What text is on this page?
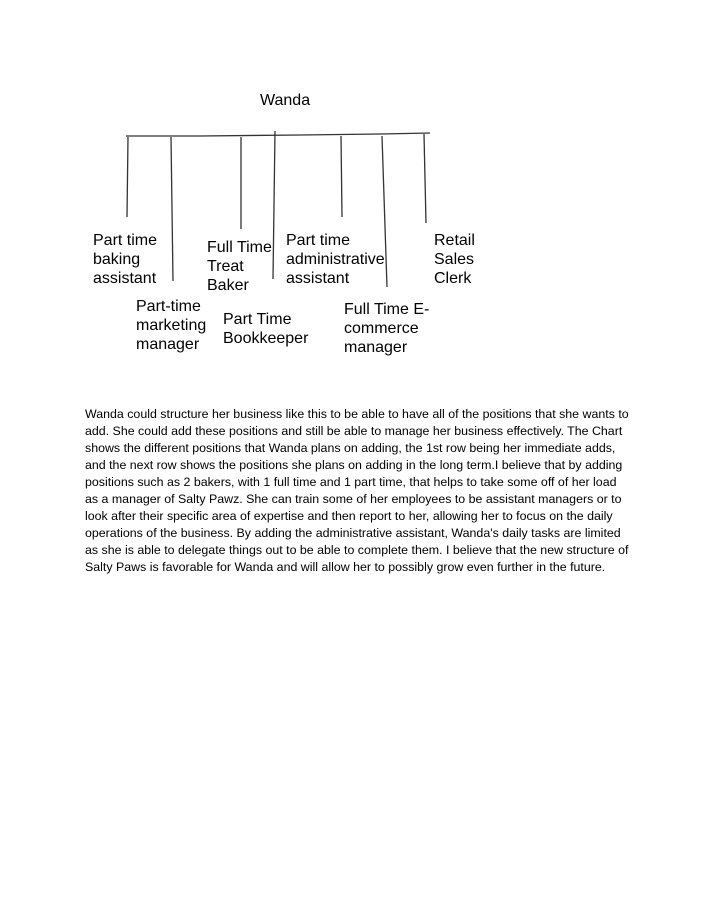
Wanda
Part time
baking
assistant
Part-time
marketing
manager
Full Time
Treat
Baker
Part Time
Bookkeeper
Part time
administrative
assistant
Full Time E-
commerce
manager
Retail
Sales
Clerk

Wanda could structure her business like this to be able to have all of the positions that she wants to add. She could add these positions and still be able to manage her business effectively. The Chart shows the different positions that Wanda plans on adding, the 1st row being her immediate adds, and the next row shows the positions she plans on adding in the long term.I believe that by adding positions such as 2 bakers, with 1 full time and 1 part time, that helps to take some off of her load as a manager of Salty Pawz. She can train some of her employees to be assistant managers or to look after their specific area of expertise and then report to her, allowing her to focus on the daily operations of the business. By adding the administrative assistant, Wanda's daily tasks are limited as she is able to delegate things out to be able to complete them. I believe that the new structure of Salty Paws is favorable for Wanda and will allow her to possibly grow even further in the future.
